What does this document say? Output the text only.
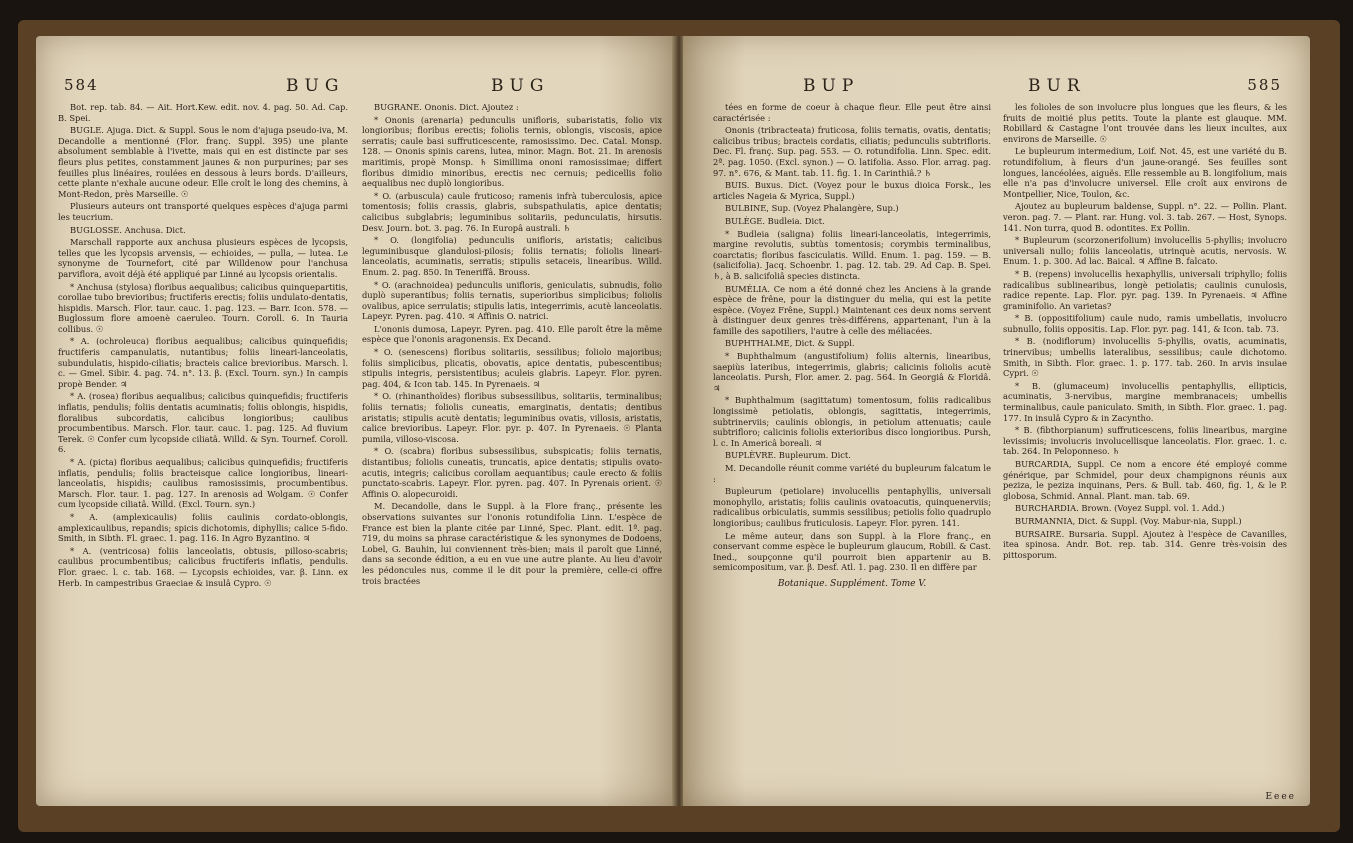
584	BUG	BUG

Bot. rep. tab. 84. — Ait. Hort.Kew. edit. nov. 4. pag. 50. Ad. Cap. B. Spei.

BUGLE. Ajuga. Dict. & Suppl. Sous le nom d'ajuga pseudo-iva, M. Decandolle a mentionné (Flor. franç. Suppl. 395) une plante absolument semblable à l'ivette, mais qui en est distincte par ses fleurs plus petites, constamment jaunes & non purpurines; par ses feuilles plus linéaires, roulées en dessous à leurs bords. D'ailleurs, cette plante n'exhale aucune odeur. Elle croît le long des chemins, à Mont-Redon, près Marseille. ☉

Plusieurs auteurs ont transporté quelques espèces d'ajuga parmi les teucrium.

BUGLOSSE. Anchusa. Dict.

Marschall rapporte aux anchusa plusieurs espèces de lycopsis, telles que les lycopsis arvensis, — echioides, — pulla, — lutea. Le synonyme de Tournefort, cité par Willdenow pour l'anchusa parviflora, avoit déjà été appliqué par Linné au lycopsis orientalis.

* Anchusa (stylosa) floribus aequalibus; calicibus quinquepartitis, corollae tubo brevioribus; fructiferis erectis; foliis undulato-dentatis, hispidis. Marsch. Flor. taur. cauc. 1. pag. 123. — Barr. Icon. 578. — Buglossum flore amoenè caeruleo. Tourn. Coroll. 6. In Tauria collibus. ☉

* A. (ochroleuca) floribus aequalibus; calicibus quinquefidis; fructiferis campanulatis, nutantibus; foliis lineari-lanceolatis, subundulatis, hispido-ciliatis; bracteis calice brevioribus. Marsch. l. c. — Gmel. Sibir. 4. pag. 74. n°. 13. β. (Excl. Tourn. syn.) In campis propè Bender. ♃

* A. (rosea) floribus aequalibus; calicibus quinquefidis; fructiferis inflatis, pendulis; foliis dentatis acuminatis; foliis oblongis, hispidis, floralibus subcordatis, calicibus longioribus; caulibus procumbentibus. Marsch. Flor. taur. cauc. 1. pag. 125. Ad fluvium Terek. ☉ Confer cum lycopside ciliatâ. Willd. & Syn. Tournef. Coroll. 6.

* A. (picta) floribus aequalibus; calicibus quinquefidis; fructiferis inflatis, pendulis; foliis bracteisque calice longioribus, lineari-lanceolatis, hispidis; caulibus ramosissimis, procumbentibus. Marsch. Flor. taur. 1. pag. 127. In arenosis ad Wolgam. ☉ Confer cum lycopside ciliatâ. Willd. (Excl. Tourn. syn.)

* A. (amplexicaulis) foliis caulinis cordato-oblongis, amplexicaulibus, repandis; spicis dichotomis, diphyllis; calice 5-fido. Smith, in Sibth. Fl. graec. 1. pag. 116. In Agro Byzantino. ♃

* A. (ventricosa) foliis lanceolatis, obtusis, pilloso-scabris; caulibus procumbentibus; calicibus fructiferis inflatis, pendulis. Flor. graec. l. c. tab. 168. — Lycopsis echioides, var. β. Linn. ex Herb. In campestribus Graeciae & insulâ Cypro. ☉

BUGRANE. Ononis. Dict. Ajoutez :

* Ononis (arenaria) pedunculis unifloris, subaristatis, folio vix longioribus; floribus erectis; foliolis ternis, oblongis, viscosis, apice serratis; caule basi suffruticescente, ramosissimo. Dec. Catal. Monsp. 128. — Ononis spinis carens, lutea, minor. Magn. Bot. 21. In arenosis maritimis, propè Monsp. ♄ Simillima ononi ramosissimae; differt floribus dimidio minoribus, erectis nec cernuis; pedicellis folio aequalibus nec duplò longioribus.

* O. (arbuscula) caule fruticoso; ramenis infrà tuberculosis, apice tomentosis; foliis crassis, glabris, subspathulatis, apice dentatis; calicibus subglabris; leguminibus solitariis, pedunculatis, hirsutis. Desv. Journ. bot. 3. pag. 76. In Europâ australi. ♄

* O. (longifolia) pedunculis unifloris, aristatis; calicibus leguminibusque glandulosi-pilosis; foliis ternatis; foliolis lineari-lanceolatis, acuminatis, serratis; stipulis setaceis, linearibus. Willd. Enum. 2. pag. 850. In Teneriffâ. Brouss.

* O. (arachnoidea) pedunculis unifloris, geniculatis, subnudis, folio duplò superantibus; foliis ternatis, superioribus simplicibus; foliolis ovalibus, apice serrulatis; stipulis latis, integerrimis, acutè lanceolatis. Lapeyr. Pyren. pag. 410. ♃ Affinis O. natrici.

L'ononis dumosa, Lapeyr. Pyren. pag. 410. Elle paroît être la même espèce que l'ononis aragonensis. Ex Decand.

* O. (senescens) floribus solitariis, sessilibus; foliolo majoribus; foliis simplicibus, plicatis, obovatis, apice dentatis, pubescentibus; stipulis integris, persistentibus; aculeis glabris. Lapeyr. Flor. pyren. pag. 404, & Icon tab. 145. In Pyrenaeis. ♃

* O. (rhinanthoïdes) floribus subsessilibus, solitariis, terminalibus; foliis ternatis; foliolis cuneatis, emarginatis, dentatis; dentibus aristatis; stipulis acutè dentatis; leguminibus ovatis, villosis, aristatis, calice brevioribus. Lapeyr. Flor. pyr. p. 407. In Pyrenaeis. ☉ Planta pumila, villoso-viscosa.

* O. (scabra) floribus subsessilibus, subspicatis; foliis ternatis, distantibus; foliolis cuneatis, truncatis, apice dentatis; stipulis ovato-acutis, integris; calicibus corollam aequantibus; caule erecto & foliis punctato-scabris. Lapeyr. Flor. pyren. pag. 407. In Pyrenais orient. ☉ Affinis O. alopecuroidi.

M. Decandolle, dans le Suppl. à la Flore franç., présente les observations suivantes sur l'ononis rotundifolia Linn. L'espèce de France est bien la plante citée par Linné, Spec. Plant. edit. 1ª. pag. 719, du moins sa phrase caractéristique & les synonymes de Dodoens, Lobel, G. Bauhin, lui conviennent très-bien; mais il paroît que Linné, dans sa seconde édition, a eu en vue une autre plante. Au lieu d'avoir les pédoncules nus, comme il le dit pour la première, celle-ci offre trois bractées

BUP	BUR	585

tées en forme de coeur à chaque fleur. Elle peut être ainsi caractérisée :

Ononis (tribracteata) fruticosa, foliis ternatis, ovatis, dentatis; calicibus tribus; bracteis cordatis, ciliatis; pedunculis subtrifloris. Dec. Fl. franç. Sup. pag. 553. — O. rotundifolia. Linn. Spec. edit. 2ª. pag. 1050. (Excl. synon.) — O. latifolia. Asso. Flor. arrag. pag. 97. n°. 676, & Mant. tab. 11. fig. 1. In Carinthiâ.? ♄

BUIS. Buxus. Dict. (Voyez pour le buxus dioica Forsk., les articles Nageia & Myrica, Suppl.)

BULBINE, Sup. (Voyez Phalangère, Sup.)

BULÈGE. Budleia. Dict.

* Budleia (saligna) foliis lineari-lanceolatis, integerrimis, margine revolutis, subtùs tomentosis; corymbis terminalibus, coarctatis; floribus fasciculatis. Willd. Enum. 1. pag. 159. — B. (salicifolia). Jacq. Schoenbr. 1. pag. 12. tab. 29. Ad Cap. B. Spei. ♄, à B. salicifoliâ species distincta.

BUMÉLIA. Ce nom a été donné chez les Anciens à la grande espèce de frêne, pour la distinguer du melia, qui est la petite espèce. (Voyez Frêne, Suppl.) Maintenant ces deux noms servent à distinguer deux genres très-différens, appartenant, l'un à la famille des sapotiliers, l'autre à celle des méliacées.

BUPHTHALME, Dict. & Suppl.

* Buphthalmum (angustifolium) foliis alternis, linearibus, saepiùs lateribus, integerrimis, glabris; calicinis foliolis acutè lanceolatis. Pursh, Flor. amer. 2. pag. 564. In Georgiâ & Floridâ. ♃

* Buphthalmum (sagittatum) tomentosum, foliis radicalibus longissimè petiolatis, oblongis, sagittatis, integerrimis, subtrinerviis; caulinis oblongis, in petiolum attenuatis; caule subtrifloro; calicinis foliolis exterioribus disco longioribus. Pursh, l. c. In Americâ boreali. ♃

BUPLÈVRE. Bupleurum. Dict.

M. Decandolle réunit comme variété du bupleurum falcatum le :

Bupleurum (petiolare) involucellis pentaphyllis, universali monophyllo, aristatis; foliis caulinis ovatoacutis, quinquenerviis; radicalibus orbiculatis, summis sessilibus; petiolis folio quadruplo longioribus; caulibus fruticulosis. Lapeyr. Flor. pyren. 141.

Le même auteur, dans son Suppl. à la Flore franç., en conservant comme espèce le bupleurum glaucum, Robill. & Cast. Ined., soupçonne qu'il pourroit bien appartenir au B. semicompositum, var. β. Desf. Atl. 1. pag. 230. Il en diffère par

Botanique. Supplément. Tome V.

les folioles de son involucre plus longues que les fleurs, & les fruits de moitié plus petits. Toute la plante est glauque. MM. Robillard & Castagne l'ont trouvée dans les lieux incultes, aux environs de Marseille. ☉

Le bupleurum intermedium, Loif. Not. 45, est une variété du B. rotundifolium, à fleurs d'un jaune-orangé. Ses feuilles sont longues, lancéolées, aiguës. Elle ressemble au B. longifolium, mais elle n'a pas d'involucre universel. Elle croît aux environs de Montpellier, Nice, Toulon, &c.

Ajoutez au bupleurum baldense, Suppl. n°. 22. — Pollin. Plant. veron. pag. 7. — Plant. rar. Hung. vol. 3. tab. 267. — Host, Synops. 141. Non turra, quod B. odontites. Ex Pollin.

* Bupleurum (scorzonerifolium) involucellis 5-phyllis; involucro universali nullo; foliis lanceolatis, utrinquè acutis, nervosis. W. Enum. 1. p. 300. Ad lac. Baical. ♃ Affine B. falcato.

* B. (repens) involucellis hexaphyllis, universali triphyllo; foliis radicalibus sublinearibus, longè petiolatis; caulinis cunulosis, radice repente. Lap. Flor. pyr. pag. 139. In Pyrenaeis. ♃ Affine graminifolio. An varietas?

* B. (oppositifolium) caule nudo, ramis umbellatis, involucro subnullo, foliis oppositis. Lap. Flor. pyr. pag. 141, & Icon. tab. 73.

* B. (nodiflorum) involucellis 5-phyllis, ovatis, acuminatis, trinervibus; umbellis lateralibus, sessilibus; caule dichotomo. Smith, in Sibth. Flor. graec. 1. p. 177. tab. 260. In arvis insulae Cypri. ☉

* B. (glumaceum) involucellis pentaphyllis, ellipticis, acuminatis, 3-nervibus, margine membranaceis; umbellis terminalibus, caule paniculato. Smith, in Sibth. Flor. graec. 1. pag. 177. In insulâ Cypro & in Zacyntho.

* B. (fibthorpianum) suffruticescens, foliis linearibus, margine levissimis; involucris involucellisque lanceolatis. Flor. graec. 1. c. tab. 264. In Peloponneso. ♄

BURCARDIA, Suppl. Ce nom a encore été employé comme générique, par Schmidel, pour deux champignons réunis aux peziza, le peziza inquinans, Pers. & Bull. tab. 460, fig. 1, & le P. globosa, Schmid. Annal. Plant. man. tab. 69.

BURCHARDIA. Brown. (Voyez Suppl. vol. 1. Add.)

BURMANNIA, Dict. & Suppl. (Voy. Mabur-nia, Suppl.)

BURSAIRE. Bursaria. Suppl. Ajoutez à l'espèce de Cavanilles, itea spinosa. Andr. Bot. rep. tab. 314. Genre très-voisin des pittosporum.

Eeee
